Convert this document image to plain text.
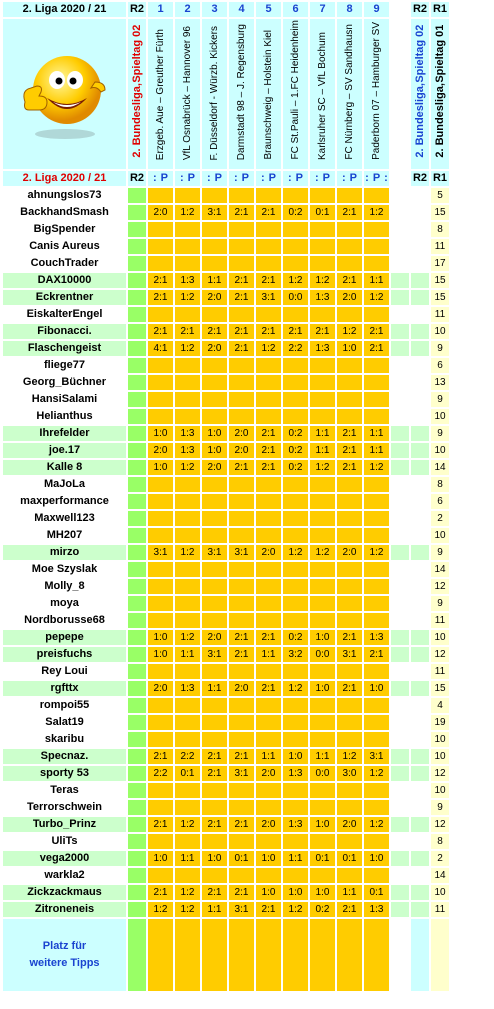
2. Liga 2020 / 21	R2	1	2	3	4	5	6	7	8	9		R2	R1
	2. Bundesliga,Spieltag 02	Erzgeb. Aue – Greuther Fürth	VfL Osnabrück – Hannover 96	F. Düsseldorf - Würzb. Kickers	Darmstadt 98 – J. Regensburg	Braunschweig – Holstein Kiel	FC St.Pauli – 1.FC Heidenheim	Karlsruher SC – VfL Bochum	FC Nürnberg – SV Sandhausn	Paderborn 07 – Hamburger SV		2. Bundesliga,Spieltag 02	2. Bundesliga,Spieltag 01
2. Liga 2020 / 21	R2	: P	: P	: P	: P	: P	: P	: P	: P	: P :		R2	R1
ahnungslos73													5
BackhandSmash		2:0	1:2	3:1	2:1	2:1	0:2	0:1	2:1	1:2			15
BigSpender													8
Canis Aureus													11
CouchTrader													17
DAX10000		2:1	1:3	1:1	2:1	2:1	1:2	1:2	2:1	1:1			15
Eckrentner		2:1	1:2	2:0	2:1	3:1	0:0	1:3	2:0	1:2			15
EiskalterEngel													11
Fibonacci.		2:1	2:1	2:1	2:1	2:1	2:1	2:1	1:2	2:1			10
Flaschengeist		4:1	1:2	2:0	2:1	1:2	2:2	1:3	1:0	2:1			9
fliege77													6
Georg_Büchner													13
HansiSalami													9
Helianthus													10
Ihrefelder		1:0	1:3	1:0	2:0	2:1	0:2	1:1	2:1	1:1			9
joe.17		2:0	1:3	1:0	2:0	2:1	0:2	1:1	2:1	1:1			10
Kalle 8		1:0	1:2	2:0	2:1	2:1	0:2	1:2	2:1	1:2			14
MaJoLa													8
maxperformance													6
Maxwell123													2
MH207													10
mirzo		3:1	1:2	3:1	3:1	2:0	1:2	1:2	2:0	1:2			9
Moe Szyslak													14
Molly_8													12
moya													9
Nordborusse68													11
pepepe		1:0	1:2	2:0	2:1	2:1	0:2	1:0	2:1	1:3			10
preisfuchs		1:0	1:1	3:1	2:1	1:1	3:2	0:0	3:1	2:1			12
Rey Loui													11
rgfttx		2:0	1:3	1:1	2:0	2:1	1:2	1:0	2:1	1:0			15
rompoi55													4
Salat19													19
skaribu													10
Specnaz.		2:1	2:2	2:1	2:1	1:1	1:0	1:1	1:2	3:1			10
sporty 53		2:2	0:1	2:1	3:1	2:0	1:3	0:0	3:0	1:2			12
Teras													10
Terrorschwein													9
Turbo_Prinz		2:1	1:2	2:1	2:1	2:0	1:3	1:0	2:0	1:2			12
UliTs													8
vega2000		1:0	1:1	1:0	0:1	1:0	1:1	0:1	0:1	1:0			2
warkla2													14
Zickzackmaus		2:1	1:2	2:1	2:1	1:0	1:0	1:0	1:1	0:1			10
Zitroneneis		1:2	1:2	1:1	3:1	2:1	1:2	0:2	2:1	1:3			11

Platz für
weitere Tipps													
